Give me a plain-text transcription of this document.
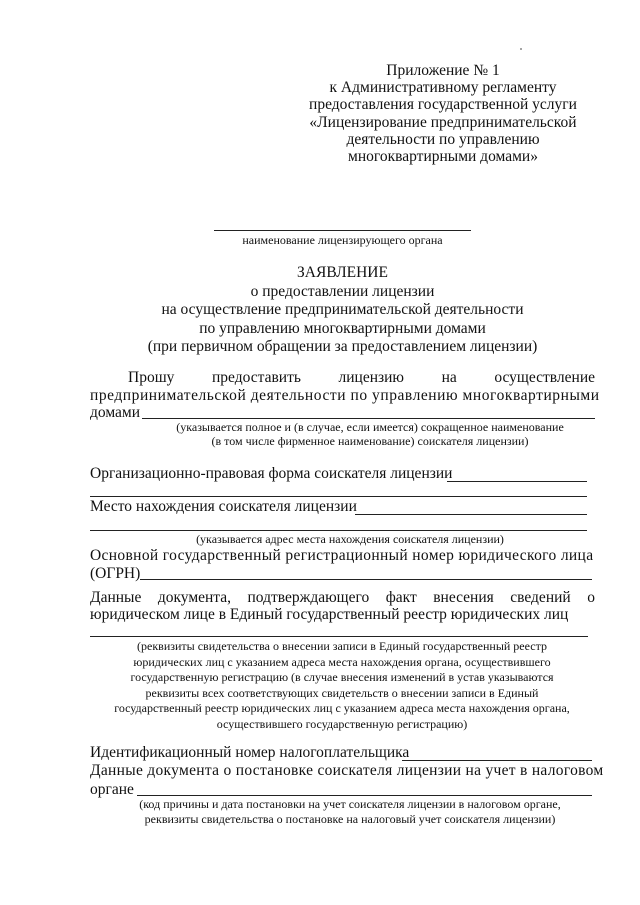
Приложение № 1
к Административному регламенту
предоставления государственной услуги
«Лицензирование предпринимательской
деятельности по управлению
многоквартирными домами»
наименование лицензирующего органа
ЗАЯВЛЕНИЕ
о предоставлении лицензии
на осуществление предпринимательской деятельности
по управлению многоквартирными домами
(при первичном обращении за предоставлением лицензии)
Прошу предоставить лицензию на осуществление
предпринимательской деятельности по управлению многоквартирными
домами
(указывается полное и (в случае, если имеется) сокращенное наименование
(в том числе фирменное наименование) соискателя лицензии)
Организационно-правовая форма соискателя лицензии
Место нахождения соискателя лицензии
(указывается адрес места нахождения соискателя лицензии)
Основной государственный регистрационный номер юридического лица
(ОГРН)
Данные документа, подтверждающего факт внесения сведений о
юридическом лице в Единый государственный реестр юридических лиц
(реквизиты свидетельства о внесении записи в Единый государственный реестр
юридических лиц с указанием адреса места нахождения органа, осуществившего
государственную регистрацию (в случае внесения изменений в устав указываются
реквизиты всех соответствующих свидетельств о внесении записи в Единый
государственный реестр юридических лиц с указанием адреса места нахождения органа,
осуществившего государственную регистрацию)
Идентификационный номер налогоплательщика
Данные документа о постановке соискателя лицензии на учет в налоговом
органе
(код причины и дата постановки на учет соискателя лицензии в налоговом органе,
реквизиты свидетельства о постановке на налоговый учет соискателя лицензии)
